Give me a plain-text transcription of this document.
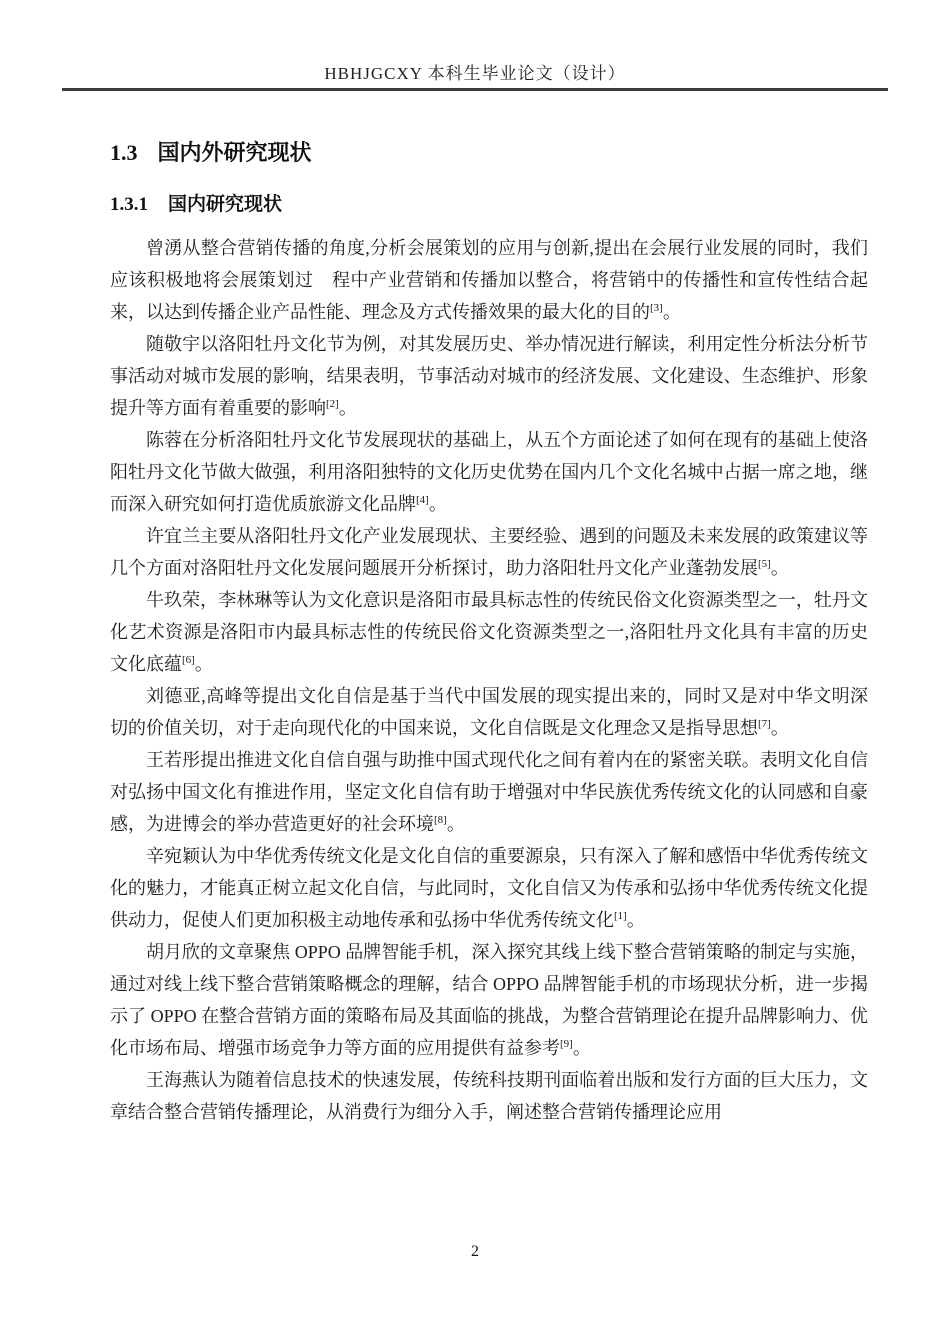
HBHJGCXY 本科生毕业论文（设计）
1.3 国内外研究现状
1.3.1 国内研究现状

曾湧从整合营销传播的角度,分析会展策划的应用与创新,提出在会展行业发展的同时，我们应该积极地将会展策划过　程中产业营销和传播加以整合，将营销中的传播性和宣传性结合起来，以达到传播企业产品性能、理念及方式传播效果的最大化的目的[3]。

随敬宇以洛阳牡丹文化节为例，对其发展历史、举办情况进行解读，利用定性分析法分析节事活动对城市发展的影响，结果表明，节事活动对城市的经济发展、文化建设、生态维护、形象提升等方面有着重要的影响[2]。

陈蓉在分析洛阳牡丹文化节发展现状的基础上，从五个方面论述了如何在现有的基础上使洛阳牡丹文化节做大做强，利用洛阳独特的文化历史优势在国内几个文化名城中占据一席之地，继而深入研究如何打造优质旅游文化品牌[4]。

许宜兰主要从洛阳牡丹文化产业发展现状、主要经验、遇到的问题及未来发展的政策建议等几个方面对洛阳牡丹文化发展问题展开分析探讨，助力洛阳牡丹文化产业蓬勃发展[5]。

牛玖荣，李林琳等认为文化意识是洛阳市最具标志性的传统民俗文化资源类型之一，牡丹文化艺术资源是洛阳市内最具标志性的传统民俗文化资源类型之一,洛阳牡丹文化具有丰富的历史文化底蕴[6]。

刘德亚,高峰等提出文化自信是基于当代中国发展的现实提出来的，同时又是对中华文明深切的价值关切，对于走向现代化的中国来说，文化自信既是文化理念又是指导思想[7]。

王若彤提出推进文化自信自强与助推中国式现代化之间有着内在的紧密关联。表明文化自信对弘扬中国文化有推进作用，坚定文化自信有助于增强对中华民族优秀传统文化的认同感和自豪感，为进博会的举办营造更好的社会环境[8]。

辛宛颖认为中华优秀传统文化是文化自信的重要源泉，只有深入了解和感悟中华优秀传统文化的魅力，才能真正树立起文化自信，与此同时，文化自信又为传承和弘扬中华优秀传统文化提供动力，促使人们更加积极主动地传承和弘扬中华优秀传统文化[1]。

胡月欣的文章聚焦 OPPO 品牌智能手机，深入探究其线上线下整合营销策略的制定与实施，通过对线上线下整合营销策略概念的理解，结合 OPPO 品牌智能手机的市场现状分析，进一步揭示了 OPPO 在整合营销方面的策略布局及其面临的挑战，为整合营销理论在提升品牌影响力、优化市场布局、增强市场竞争力等方面的应用提供有益参考[9]。

王海燕认为随着信息技术的快速发展，传统科技期刊面临着出版和发行方面的巨大压力，文章结合整合营销传播理论，从消费行为细分入手，阐述整合营销传播理论应用

2
